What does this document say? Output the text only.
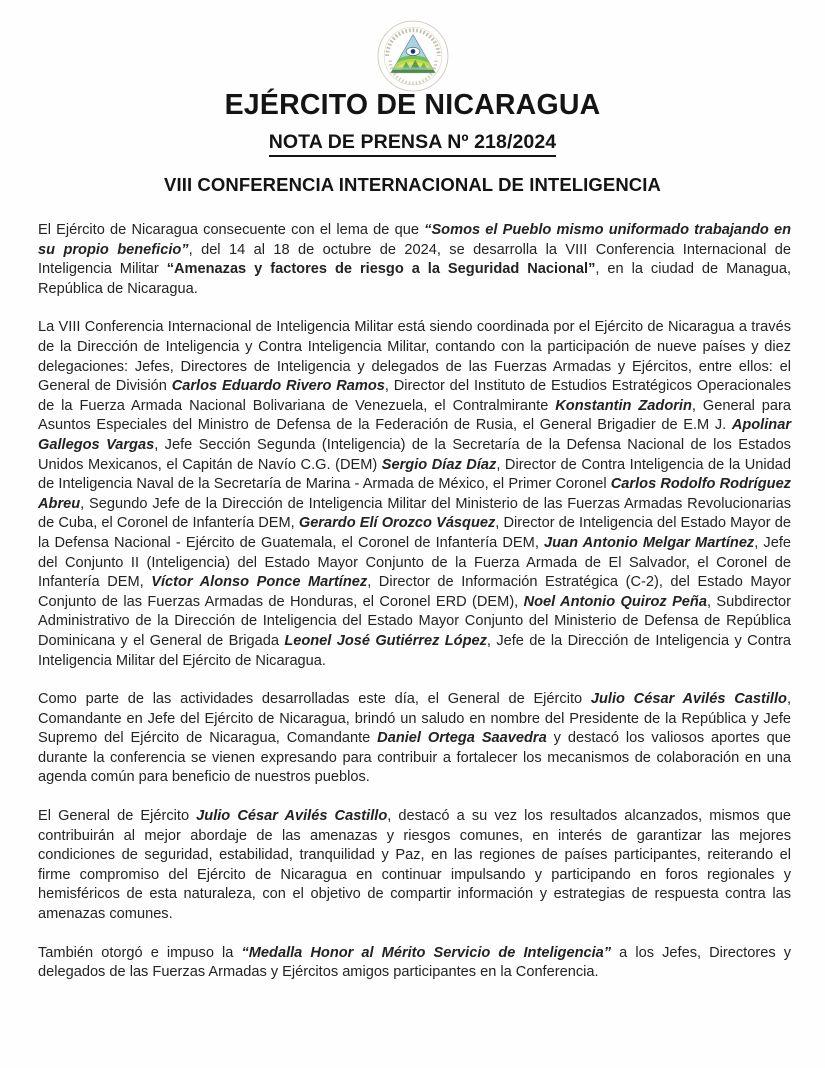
EJÉRCITO DE NICARAGUA
NOTA DE PRENSA Nº 218/2024
VIII CONFERENCIA INTERNACIONAL DE INTELIGENCIA

El Ejército de Nicaragua consecuente con el lema de que “Somos el Pueblo mismo uniformado trabajando en su propio beneficio”, del 14 al 18 de octubre de 2024, se desarrolla la VIII Conferencia Internacional de Inteligencia Militar “Amenazas y factores de riesgo a la Seguridad Nacional”, en la ciudad de Managua, República de Nicaragua.

La VIII Conferencia Internacional de Inteligencia Militar está siendo coordinada por el Ejército de Nicaragua a través de la Dirección de Inteligencia y Contra Inteligencia Militar, contando con la participación de nueve países y diez delegaciones: Jefes, Directores de Inteligencia y delegados de las Fuerzas Armadas y Ejércitos, entre ellos: el General de División Carlos Eduardo Rivero Ramos, Director del Instituto de Estudios Estratégicos Operacionales de la Fuerza Armada Nacional Bolivariana de Venezuela, el Contralmirante Konstantin Zadorin, General para Asuntos Especiales del Ministro de Defensa de la Federación de Rusia, el General Brigadier de E.M J. Apolinar Gallegos Vargas, Jefe Sección Segunda (Inteligencia) de la Secretaría de la Defensa Nacional de los Estados Unidos Mexicanos, el Capitán de Navío C.G. (DEM) Sergio Díaz Díaz, Director de Contra Inteligencia de la Unidad de Inteligencia Naval de la Secretaría de Marina - Armada de México, el Primer Coronel Carlos Rodolfo Rodríguez Abreu, Segundo Jefe de la Dirección de Inteligencia Militar del Ministerio de las Fuerzas Armadas Revolucionarias de Cuba, el Coronel de Infantería DEM, Gerardo Elí Orozco Vásquez, Director de Inteligencia del Estado Mayor de la Defensa Nacional - Ejército de Guatemala, el Coronel de Infantería DEM, Juan Antonio Melgar Martínez, Jefe del Conjunto II (Inteligencia) del Estado Mayor Conjunto de la Fuerza Armada de El Salvador, el Coronel de Infantería DEM, Víctor Alonso Ponce Martínez, Director de Información Estratégica (C-2), del Estado Mayor Conjunto de las Fuerzas Armadas de Honduras, el Coronel ERD (DEM), Noel Antonio Quiroz Peña, Subdirector Administrativo de la Dirección de Inteligencia del Estado Mayor Conjunto del Ministerio de Defensa de República Dominicana y el General de Brigada Leonel José Gutiérrez López, Jefe de la Dirección de Inteligencia y Contra Inteligencia Militar del Ejército de Nicaragua.

Como parte de las actividades desarrolladas este día, el General de Ejército Julio César Avilés Castillo, Comandante en Jefe del Ejército de Nicaragua, brindó un saludo en nombre del Presidente de la República y Jefe Supremo del Ejército de Nicaragua, Comandante Daniel Ortega Saavedra y destacó los valiosos aportes que durante la conferencia se vienen expresando para contribuir a fortalecer los mecanismos de colaboración en una agenda común para beneficio de nuestros pueblos.

El General de Ejército Julio César Avilés Castillo, destacó a su vez los resultados alcanzados, mismos que contribuirán al mejor abordaje de las amenazas y riesgos comunes, en interés de garantizar las mejores condiciones de seguridad, estabilidad, tranquilidad y Paz, en las regiones de países participantes, reiterando el firme compromiso del Ejército de Nicaragua en continuar impulsando y participando en foros regionales y hemisféricos de esta naturaleza, con el objetivo de compartir información y estrategias de respuesta contra las amenazas comunes.

También otorgó e impuso la “Medalla Honor al Mérito Servicio de Inteligencia” a los Jefes, Directores y delegados de las Fuerzas Armadas y Ejércitos amigos participantes en la Conferencia.
